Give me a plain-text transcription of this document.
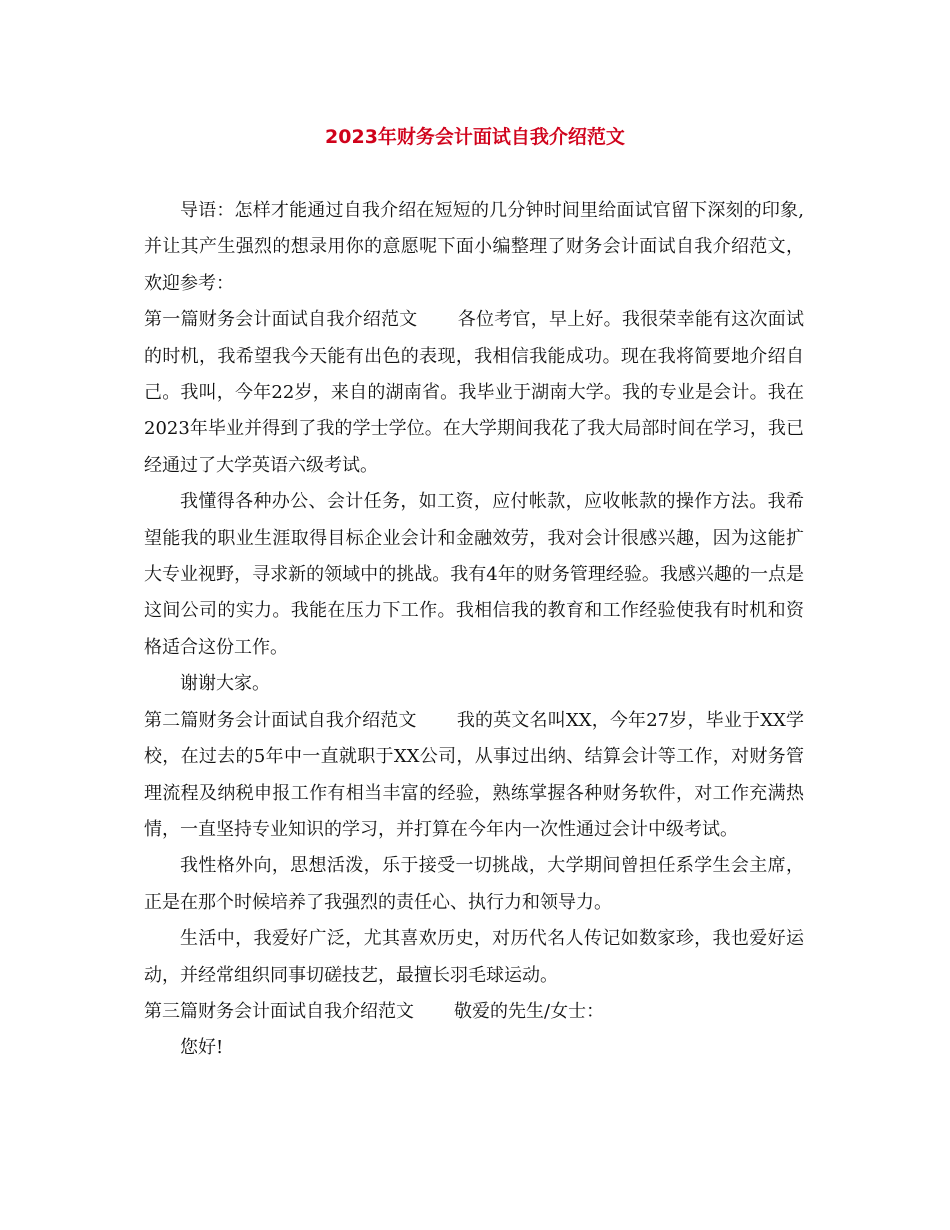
2023年财务会计面试自我介绍范文

导语：怎样才能通过自我介绍在短短的几分钟时间里给面试官留下深刻的印象,并让其产生强烈的想录用你的意愿呢下面小编整理了财务会计面试自我介绍范文，欢迎参考：

第一篇财务会计面试自我介绍范文 各位考官，早上好。我很荣幸能有这次面试的时机，我希望我今天能有出色的表现，我相信我能成功。现在我将简要地介绍自己。我叫，今年22岁，来自的湖南省。我毕业于湖南大学。我的专业是会计。我在2023年毕业并得到了我的学士学位。在大学期间我花了我大局部时间在学习，我已经通过了大学英语六级考试。

我懂得各种办公、会计任务，如工资，应付帐款，应收帐款的操作方法。我希望能我的职业生涯取得目标企业会计和金融效劳，我对会计很感兴趣，因为这能扩大专业视野，寻求新的领域中的挑战。我有4年的财务管理经验。我感兴趣的一点是这间公司的实力。我能在压力下工作。我相信我的教育和工作经验使我有时机和资格适合这份工作。

谢谢大家。

第二篇财务会计面试自我介绍范文 我的英文名叫XX，今年27岁，毕业于XX学校，在过去的5年中一直就职于XX公司，从事过出纳、结算会计等工作，对财务管理流程及纳税申报工作有相当丰富的经验，熟练掌握各种财务软件，对工作充满热情，一直坚持专业知识的学习，并打算在今年内一次性通过会计中级考试。

我性格外向，思想活泼，乐于接受一切挑战，大学期间曾担任系学生会主席，正是在那个时候培养了我强烈的责任心、执行力和领导力。

生活中，我爱好广泛，尤其喜欢历史，对历代名人传记如数家珍，我也爱好运动，并经常组织同事切磋技艺，最擅长羽毛球运动。

第三篇财务会计面试自我介绍范文 敬爱的先生/女士：

您好!
